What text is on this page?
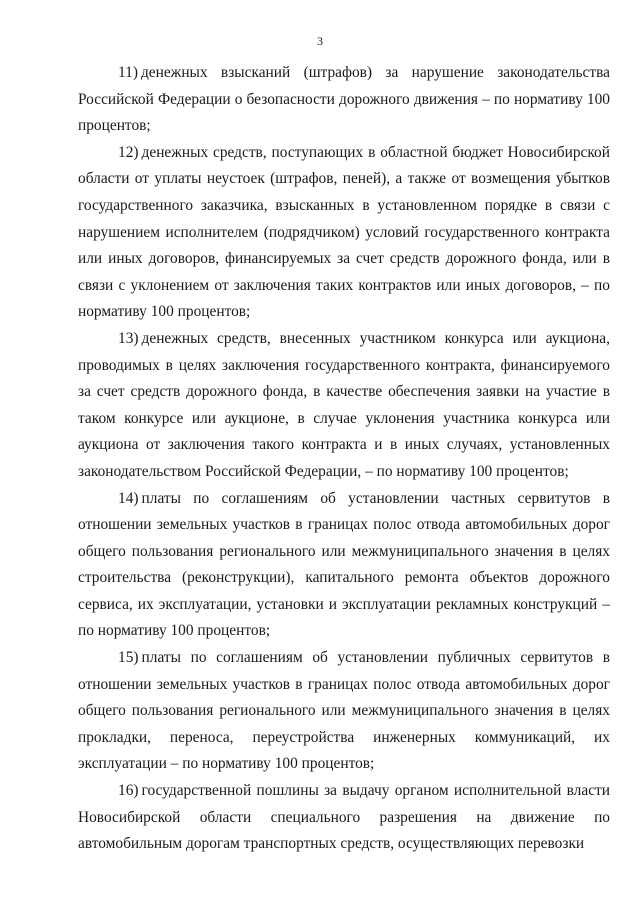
3

11) денежных взысканий (штрафов) за нарушение законодательства Российской Федерации о безопасности дорожного движения – по нормативу 100 процентов;

12) денежных средств, поступающих в областной бюджет Новосибирской области от уплаты неустоек (штрафов, пеней), а также от возмещения убытков государственного заказчика, взысканных в установленном порядке в связи с нарушением исполнителем (подрядчиком) условий государственного контракта или иных договоров, финансируемых за счет средств дорожного фонда, или в связи с уклонением от заключения таких контрактов или иных договоров, – по нормативу 100 процентов;

13) денежных средств, внесенных участником конкурса или аукциона, проводимых в целях заключения государственного контракта, финансируемого за счет средств дорожного фонда, в качестве обеспечения заявки на участие в таком конкурсе или аукционе, в случае уклонения участника конкурса или аукциона от заключения такого контракта и в иных случаях, установленных законодательством Российской Федерации, – по нормативу 100 процентов;

14) платы по соглашениям об установлении частных сервитутов в отношении земельных участков в границах полос отвода автомобильных дорог общего пользования регионального или межмуниципального значения в целях строительства (реконструкции), капитального ремонта объектов дорожного сервиса, их эксплуатации, установки и эксплуатации рекламных конструкций – по нормативу 100 процентов;

15) платы по соглашениям об установлении публичных сервитутов в отношении земельных участков в границах полос отвода автомобильных дорог общего пользования регионального или межмуниципального значения в целях прокладки, переноса, переустройства инженерных коммуникаций, их эксплуатации – по нормативу 100 процентов;

16) государственной пошлины за выдачу органом исполнительной власти Новосибирской области специального разрешения на движение по автомобильным дорогам транспортных средств, осуществляющих перевозки
